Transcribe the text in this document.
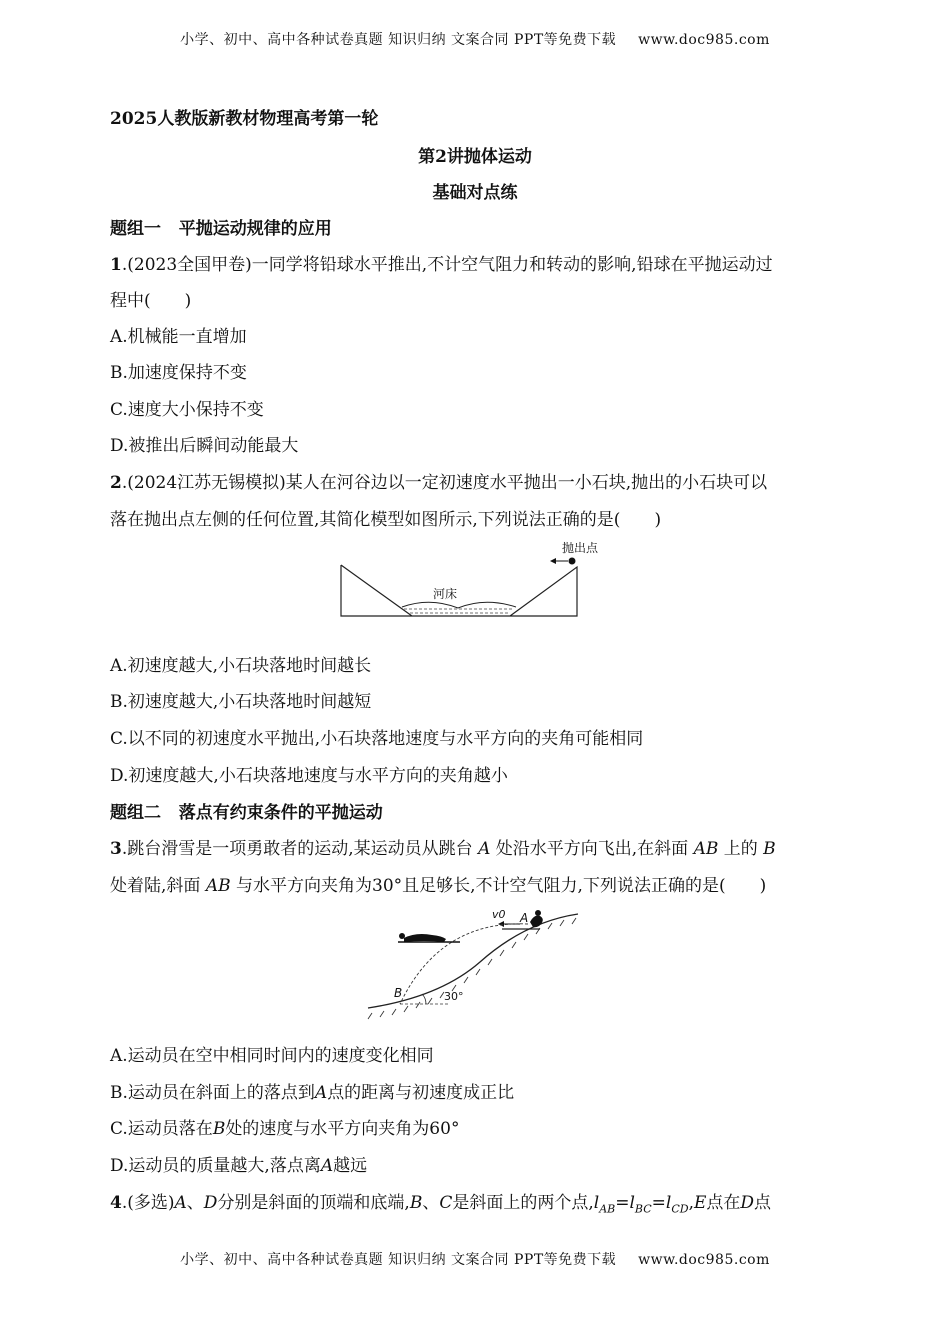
小学、初中、高中各种试卷真题 知识归纳 文案合同 PPT等免费下载 www.doc985.com
2025人教版新教材物理高考第一轮
第2讲抛体运动
基础对点练
题组一 平抛运动规律的应用
1.(2023全国甲卷)一同学将铅球水平推出,不计空气阻力和转动的影响,铅球在平抛运动过
程中( )
A.机械能一直增加
B.加速度保持不变
C.速度大小保持不变
D.被推出后瞬间动能最大
2.(2024江苏无锡模拟)某人在河谷边以一定初速度水平抛出一小石块,抛出的小石块可以
落在抛出点左侧的任何位置,其简化模型如图所示,下列说法正确的是( )
抛出点
河床
A.初速度越大,小石块落地时间越长
B.初速度越大,小石块落地时间越短
C.以不同的初速度水平抛出,小石块落地速度与水平方向的夹角可能相同
D.初速度越大,小石块落地速度与水平方向的夹角越小
题组二 落点有约束条件的平抛运动
3.跳台滑雪是一项勇敢者的运动,某运动员从跳台 A 处沿水平方向飞出,在斜面 AB 上的 B
处着陆,斜面 AB 与水平方向夹角为30°且足够长,不计空气阻力,下列说法正确的是( )
v0 A
B	30°
A.运动员在空中相同时间内的速度变化相同
B.运动员在斜面上的落点到A点的距离与初速度成正比
C.运动员落在B处的速度与水平方向夹角为60°
D.运动员的质量越大,落点离A越远
4.(多选)A、D分别是斜面的顶端和底端,B、C是斜面上的两个点$,l_{AB}=l_{BC}=l_{CD},E$点在D点
小学、初中、高中各种试卷真题 知识归纳 文案合同 PPT等免费下载 www.doc985.com
